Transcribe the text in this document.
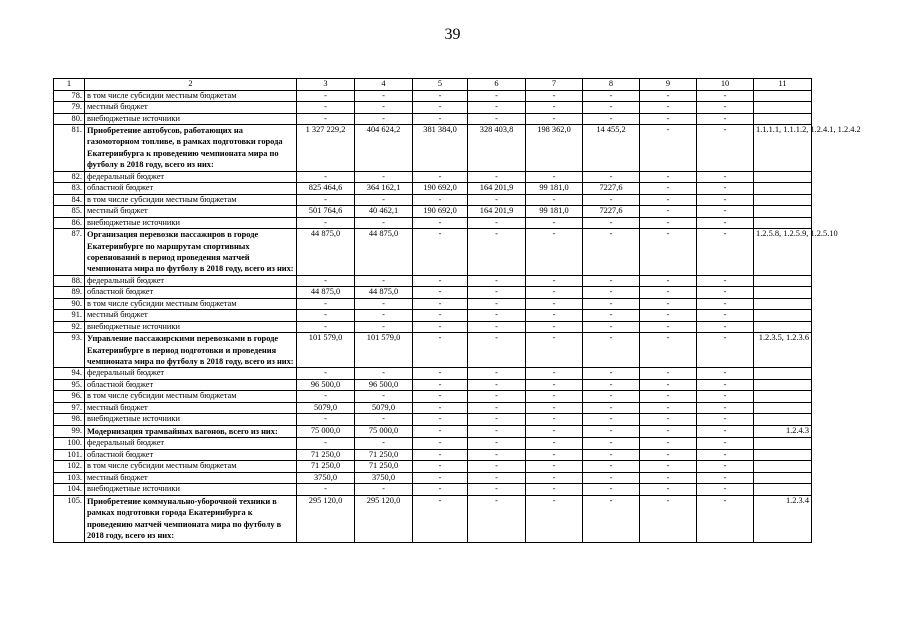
39
1	2	3	4	5	6	7	8	9	10	11
78.	в том числе субсидии местным бюджетам	-	-	-	-	-	-	-	-	
79.	местный бюджет	-	-	-	-	-	-	-	-	
80.	внебюджетные источники	-	-	-	-	-	-	-	-	
81.	Приобретение автобусов, работающих на газомоторном топливе, в рамках подготовки города Екатеринбурга к проведению чемпионата мира по футболу в 2018 году, всего из них:	1 327 229,2	404 624,2	381 384,0	328 403,8	198 362,0	14 455,2	-	-	1.1.1.1, 1.1.1.2, 1.2.4.1, 1.2.4.2
82.	федеральный бюджет	-	-	-	-	-	-	-	-	
83.	областной бюджет	825 464,6	364 162,1	190 692,0	164 201,9	99 181,0	7227,6	-	-	
84.	в том числе субсидии местным бюджетам	-	-	-	-	-	-	-	-	
85.	местный бюджет	501 764,6	40 462,1	190 692,0	164 201,9	99 181,0	7227,6	-	-	
86.	внебюджетные источники	-	-	-	-	-	-	-	-	
87.	Организация перевозки пассажиров в городе Екатеринбурге по маршрутам спортивных соревнований в период проведения матчей чемпионата мира по футболу в 2018 году, всего из них:	44 875,0	44 875,0	-	-	-	-	-	-	1.2.5.8, 1.2.5.9, 1.2.5.10
88.	федеральный бюджет	-	-	-	-	-	-	-	-	
89.	областной бюджет	44 875,0	44 875,0	-	-	-	-	-	-	
90.	в том числе субсидии местным бюджетам	-	-	-	-	-	-	-	-	
91.	местный бюджет	-	-	-	-	-	-	-	-	
92.	внебюджетные источники	-	-	-	-	-	-	-	-	
93.	Управление пассажирскими перевозками в городе Екатеринбурге в период подготовки и проведения чемпионата мира по футболу в 2018 году, всего из них:	101 579,0	101 579,0	-	-	-	-	-	-	1.2.3.5, 1.2.3.6
94.	федеральный бюджет	-	-	-	-	-	-	-	-	
95.	областной бюджет	96 500,0	96 500,0	-	-	-	-	-	-	
96.	в том числе субсидии местным бюджетам	-	-	-	-	-	-	-	-	
97.	местный бюджет	5079,0	5079,0	-	-	-	-	-	-	
98.	внебюджетные источники	-	-	-	-	-	-	-	-	
99.	Модернизация трамвайных вагонов, всего из них:	75 000,0	75 000,0	-	-	-	-	-	-	1.2.4.3
100.	федеральный бюджет	-	-	-	-	-	-	-	-	
101.	областной бюджет	71 250,0	71 250,0	-	-	-	-	-	-	
102.	в том числе субсидии местным бюджетам	71 250,0	71 250,0	-	-	-	-	-	-	
103.	местный бюджет	3750,0	3750,0	-	-	-	-	-	-	
104.	внебюджетные источники	-	-	-	-	-	-	-	-	
105.	Приобретение коммунально-уборочной техники в рамках подготовки города Екатеринбурга к проведению матчей чемпионата мира по футболу в 2018 году, всего из них:	295 120,0	295 120,0	-	-	-	-	-	-	1.2.3.4
